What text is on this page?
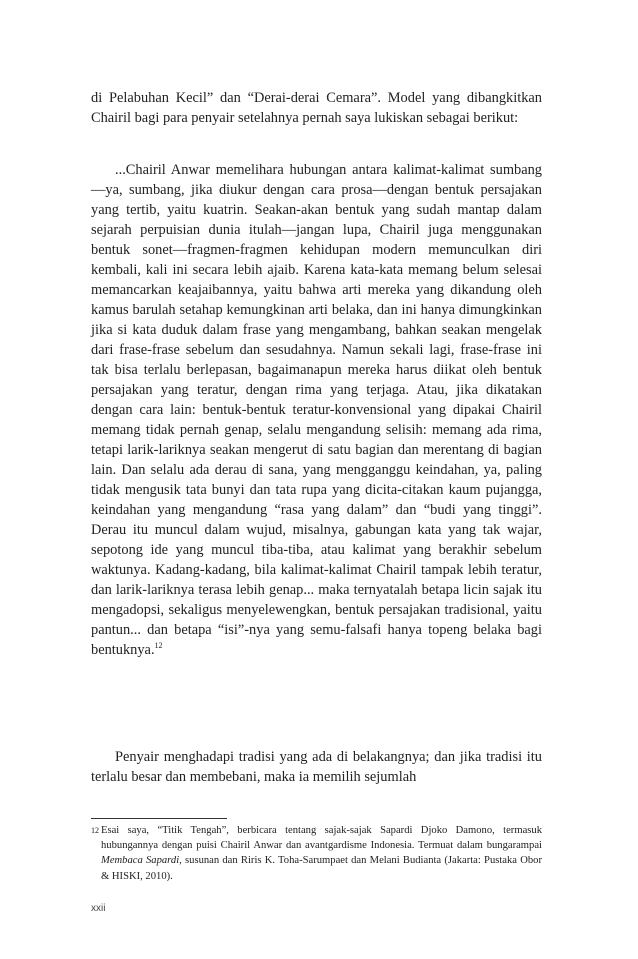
di Pelabuhan Kecil” dan “Derai-derai Cemara”. Model yang dibangkitkan Chairil bagi para penyair setelahnya pernah saya lukiskan sebagai berikut:

...Chairil Anwar memelihara hubungan antara kalimat-kalimat sumbang—ya, sumbang, jika diukur dengan cara prosa—dengan bentuk persajakan yang tertib, yaitu kuatrin. Seakan-akan bentuk yang sudah mantap dalam sejarah perpuisian dunia itulah—jangan lupa, Chairil juga menggunakan bentuk sonet—fragmen-fragmen kehidupan modern memunculkan diri kembali, kali ini secara lebih ajaib. Karena kata-kata memang belum selesai memancarkan keajaibannya, yaitu bahwa arti mereka yang dikandung oleh kamus barulah setahap kemungkinan arti belaka, dan ini hanya dimungkinkan jika si kata duduk dalam frase yang mengambang, bahkan seakan mengelak dari frase-frase sebelum dan sesudahnya. Namun sekali lagi, frase-frase ini tak bisa terlalu berlepasan, bagaimanapun mereka harus diikat oleh bentuk persajakan yang teratur, dengan rima yang terjaga. Atau, jika dikatakan dengan cara lain: bentuk-bentuk teratur-konvensional yang dipakai Chairil memang tidak pernah genap, selalu mengandung selisih: memang ada rima, tetapi larik-lariknya seakan mengerut di satu bagian dan merentang di bagian lain. Dan selalu ada derau di sana, yang mengganggu keindahan, ya, paling tidak mengusik tata bunyi dan tata rupa yang dicita-citakan kaum pujangga, keindahan yang mengandung “rasa yang dalam” dan “budi yang tinggi”. Derau itu muncul dalam wujud, misalnya, gabungan kata yang tak wajar, sepotong ide yang muncul tiba-tiba, atau kalimat yang berakhir sebelum waktunya. Kadang-kadang, bila kalimat-kalimat Chairil tampak lebih teratur, dan larik-lariknya terasa lebih genap... maka ternyatalah betapa licin sajak itu mengadopsi, sekaligus menyelewengkan, bentuk persajakan tradisional, yaitu pantun... dan betapa “isi”-nya yang semu-falsafi hanya topeng belaka bagi bentuknya.$^{12}$

Penyair menghadapi tradisi yang ada di belakangnya; dan jika tradisi itu terlalu besar dan membebani, maka ia memilih sejumlah

12 Esai saya, “Titik Tengah”, berbicara tentang sajak-sajak Sapardi Djoko Damono, termasuk hubungannya dengan puisi Chairil Anwar dan avantgardisme Indonesia. Termuat dalam bungarampai Membaca Sapardi, susunan dan Riris K. Toha-Sarumpaet dan Melani Budianta (Jakarta: Pustaka Obor & HISKI, 2010).
xxii
